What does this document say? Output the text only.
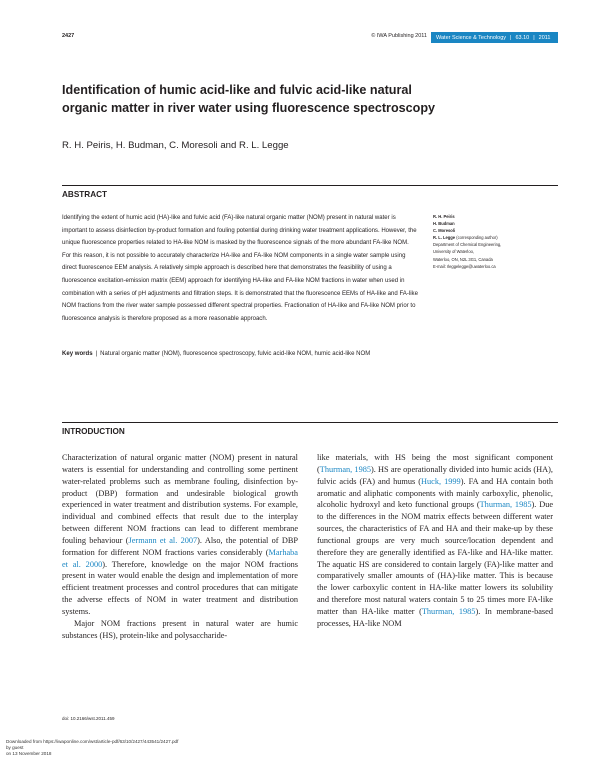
2427	© IWA Publishing 2011 Water Science & Technology | 63.10 | 2011
Identification of humic acid-like and fulvic acid-like natural organic matter in river water using fluorescence spectroscopy

R. H. Peiris, H. Budman, C. Moresoli and R. L. Legge

ABSTRACT

Identifying the extent of humic acid (HA)-like and fulvic acid (FA)-like natural organic matter (NOM) present in natural water is important to assess disinfection by-product formation and fouling potential during drinking water treatment applications. However, the unique fluorescence properties related to HA-like NOM is masked by the fluorescence signals of the more abundant FA-like NOM. For this reason, it is not possible to accurately characterize HA-like and FA-like NOM components in a single water sample using direct fluorescence EEM analysis. A relatively simple approach is described here that demonstrates the feasibility of using a fluorescence excitation-emission matrix (EEM) approach for identifying HA-like and FA-like NOM fractions in water when used in combination with a series of pH adjustments and filtration steps. It is demonstrated that the fluorescence EEMs of HA-like and FA-like NOM fractions from the river water sample possessed different spectral properties. Fractionation of HA-like and FA-like NOM prior to fluorescence analysis is therefore proposed as a more reasonable approach.

Key words | Natural organic matter (NOM), fluorescence spectroscopy, fulvic acid-like NOM, humic acid-like NOM
R. H. Peiris
H. Budman
C. Moresoli
R. L. Legge (corresponding author)
Department of Chemical Engineering,
University of Waterloo,
Waterloo, ON, N2L 3G1, Canada
E-mail: rleggelegge@uwaterloo.ca
INTRODUCTION

Characterization of natural organic matter (NOM) present in natural waters is essential for understanding and controlling some pertinent water-related problems such as membrane fouling, disinfection by-product (DBP) formation and undesirable biological growth experienced in water treatment and distribution systems. For example, individual and combined effects that result due to the interplay between different NOM fractions can lead to different membrane fouling behaviour (Jermann et al. 2007). Also, the potential of DBP formation for different NOM fractions varies considerably (Marhaba et al. 2000). Therefore, knowledge on the major NOM fractions present in water would enable the design and implementation of more efficient treatment processes and control procedures that can mitigate the adverse effects of NOM in water treatment and distribution systems.

Major NOM fractions present in natural water are humic substances (HS), protein-like and polysaccharide-

like materials, with HS being the most significant component (Thurman, 1985). HS are operationally divided into humic acids (HA), fulvic acids (FA) and humus (Huck, 1999). FA and HA contain both aromatic and aliphatic components with mainly carboxylic, phenolic, alcoholic hydroxyl and keto functional groups (Thurman, 1985). Due to the differences in the NOM matrix effects between different water sources, the characteristics of FA and HA and their make-up by these functional groups are very much source/location dependent and therefore they are generally identified as FA-like and HA-like matter. The aquatic HS are considered to contain largely (FA)-like matter and comparatively smaller amounts of (HA)-like matter. This is because the lower carboxylic content in HA-like matter lowers its solubility and therefore most natural waters contain 5 to 25 times more FA-like matter than HA-like matter (Thurman, 1985). In membrane-based processes, HA-like NOM

doi: 10.2166/wst.2011.459

Downloaded from https://iwaponline.com/wst/article-pdf/63/10/2427/443541/2427.pdf
by guest
on 13 November 2018
